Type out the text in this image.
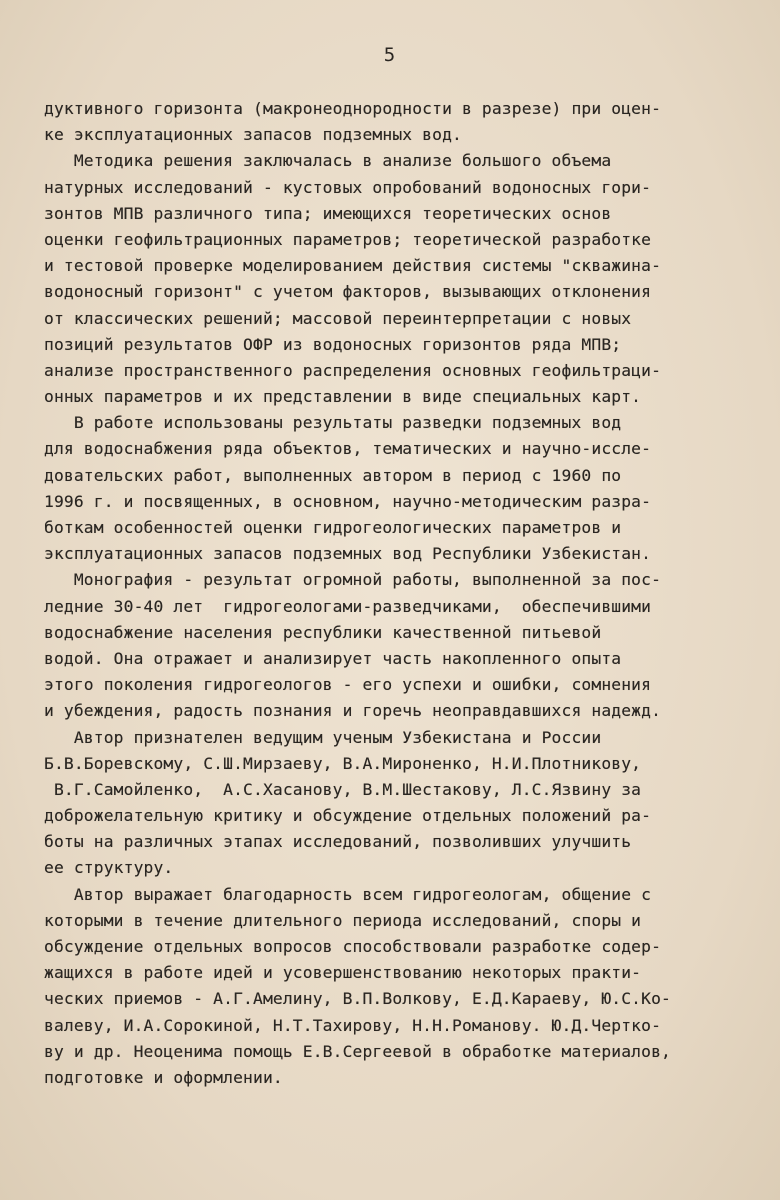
5
дуктивного горизонта (макронеоднородности в разрезе) при оцен-
ке эксплуатационных запасов подземных вод.
Методика решения заключалась в анализе большого объема
натурных исследований - кустовых опробований водоносных гори-
зонтов МПВ различного типа; имеющихся теоретических основ
оценки геофильтрационных параметров; теоретической разработке
и тестовой проверке моделированием действия системы "скважина-
водоносный горизонт" с учетом факторов, вызывающих отклонения
от классических решений; массовой переинтерпретации с новых
позиций результатов ОФР из водоносных горизонтов ряда МПВ;
анализе пространственного распределения основных геофильтраци-
онных параметров и их представлении в виде специальных карт.
В работе использованы результаты разведки подземных вод
для водоснабжения ряда объектов, тематических и научно-иссле-
довательских работ, выполненных автором в период с 1960 по
1996 г. и посвященных, в основном, научно-методическим разра-
боткам особенностей оценки гидрогеологических параметров и
эксплуатационных запасов подземных вод Республики Узбекистан.
Монография - результат огромной работы, выполненной за пос-
ледние 30-40 лет  гидрогеологами-разведчиками,  обеспечившими
водоснабжение населения республики качественной питьевой
водой. Она отражает и анализирует часть накопленного опыта
этого поколения гидрогеологов - его успехи и ошибки, сомнения
и убеждения, радость познания и горечь неоправдавшихся надежд.
Автор признателен ведущим ученым Узбекистана и России
Б.В.Боревскому, С.Ш.Мирзаеву, В.А.Мироненко, Н.И.Плотникову,
В.Г.Самойленко,  А.С.Хасанову, В.М.Шестакову, Л.С.Язвину за
доброжелательную критику и обсуждение отдельных положений ра-
боты на различных этапах исследований, позволивших улучшить
ее структуру.
Автор выражает благодарность всем гидрогеологам, общение с
которыми в течение длительного периода исследований, споры и
обсуждение отдельных вопросов способствовали разработке содер-
жащихся в работе идей и усовершенствованию некоторых практи-
ческих приемов - А.Г.Амелину, В.П.Волкову, Е.Д.Караеву, Ю.С.Ко-
валеву, И.А.Сорокиной, Н.Т.Тахирову, Н.Н.Романову. Ю.Д.Чертко-
ву и др. Неоценима помощь Е.В.Сергеевой в обработке материалов,
подготовке и оформлении.
